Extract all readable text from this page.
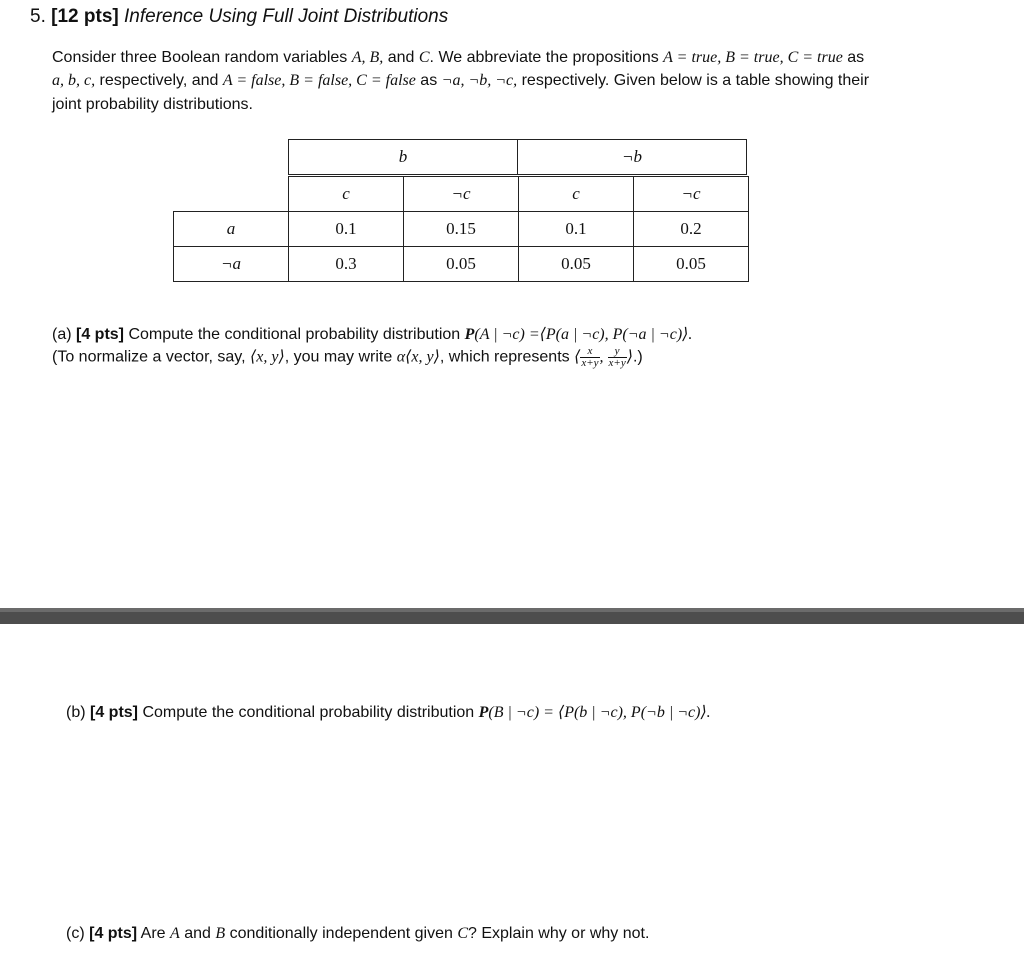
5. [12 pts] Inference Using Full Joint Distributions
Consider three Boolean random variables A, B, and C. We abbreviate the propositions A = true, B = true, C = true as
a, b, c, respectively, and A = false, B = false, C = false as ¬a, ¬b, ¬c, respectively. Given below is a table showing their
joint probability distributions.
b	¬b
	c	¬c	c	¬c
a	0.1	0.15	0.1	0.2
¬a	0.3	0.05	0.05	0.05
(a) [4 pts] Compute the conditional probability distribution P(A | ¬c) =⟨P(a | ¬c), P(¬a | ¬c)⟩.
(To normalize a vector, say, ⟨x, y⟩, you may write α⟨x, y⟩, which represents ⟨ $\frac{x}{x+y}$ , $\frac{y}{x+y}$ ⟩.)
(b) [4 pts] Compute the conditional probability distribution P(B | ¬c) = ⟨P(b | ¬c), P(¬b | ¬c)⟩.
(c) [4 pts] Are A and B conditionally independent given C? Explain why or why not.
